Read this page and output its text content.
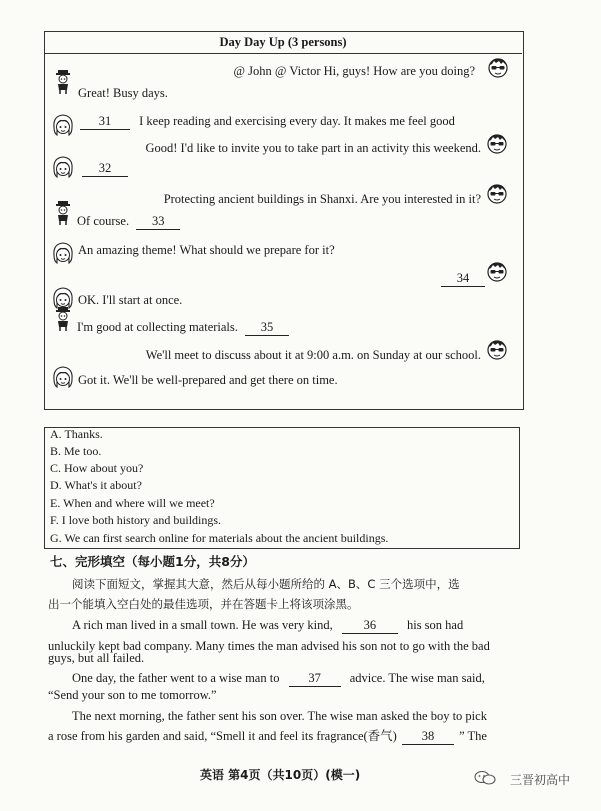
Day Day Up (3 persons)
@ John @ Victor Hi, guys! How are you doing?
Great! Busy days.
31 I keep reading and exercising every day. It makes me feel good
Good! I'd like to invite you to take part in an activity this weekend.
32
Protecting ancient buildings in Shanxi. Are you interested in it?
Of course. 33
An amazing theme! What should we prepare for it?
34
OK. I'll start at once.
I'm good at collecting materials. 35
We'll meet to discuss about it at 9:00 a.m. on Sunday at our school.
Got it. We'll be well-prepared and get there on time.
A. Thanks.
B. Me too.
C. How about you?
D. What's it about?
E. When and where will we meet?
F. I love both history and buildings.
G. We can first search online for materials about the ancient buildings.
七、完形填空（每小题1分，共8分）
阅读下面短文，掌握其大意，然后从每小题所给的 A、B、C 三个选项中，选
出一个能填入空白处的最佳选项，并在答题卡上将该项涂黑。
A rich man lived in a small town. He was very kind, 36 his son had
unluckily kept bad company. Many times the man advised his son not to go with the bad
guys, but all failed.
One day, the father went to a wise man to 37 advice. The wise man said,
“Send your son to me tomorrow.”
The next morning, the father sent his son over. The wise man asked the boy to pick
a rose from his garden and said, “Smell it and feel its fragrance(香气) 38 ” The
英语 第4页（共10页）(模一)	三晋初高中
